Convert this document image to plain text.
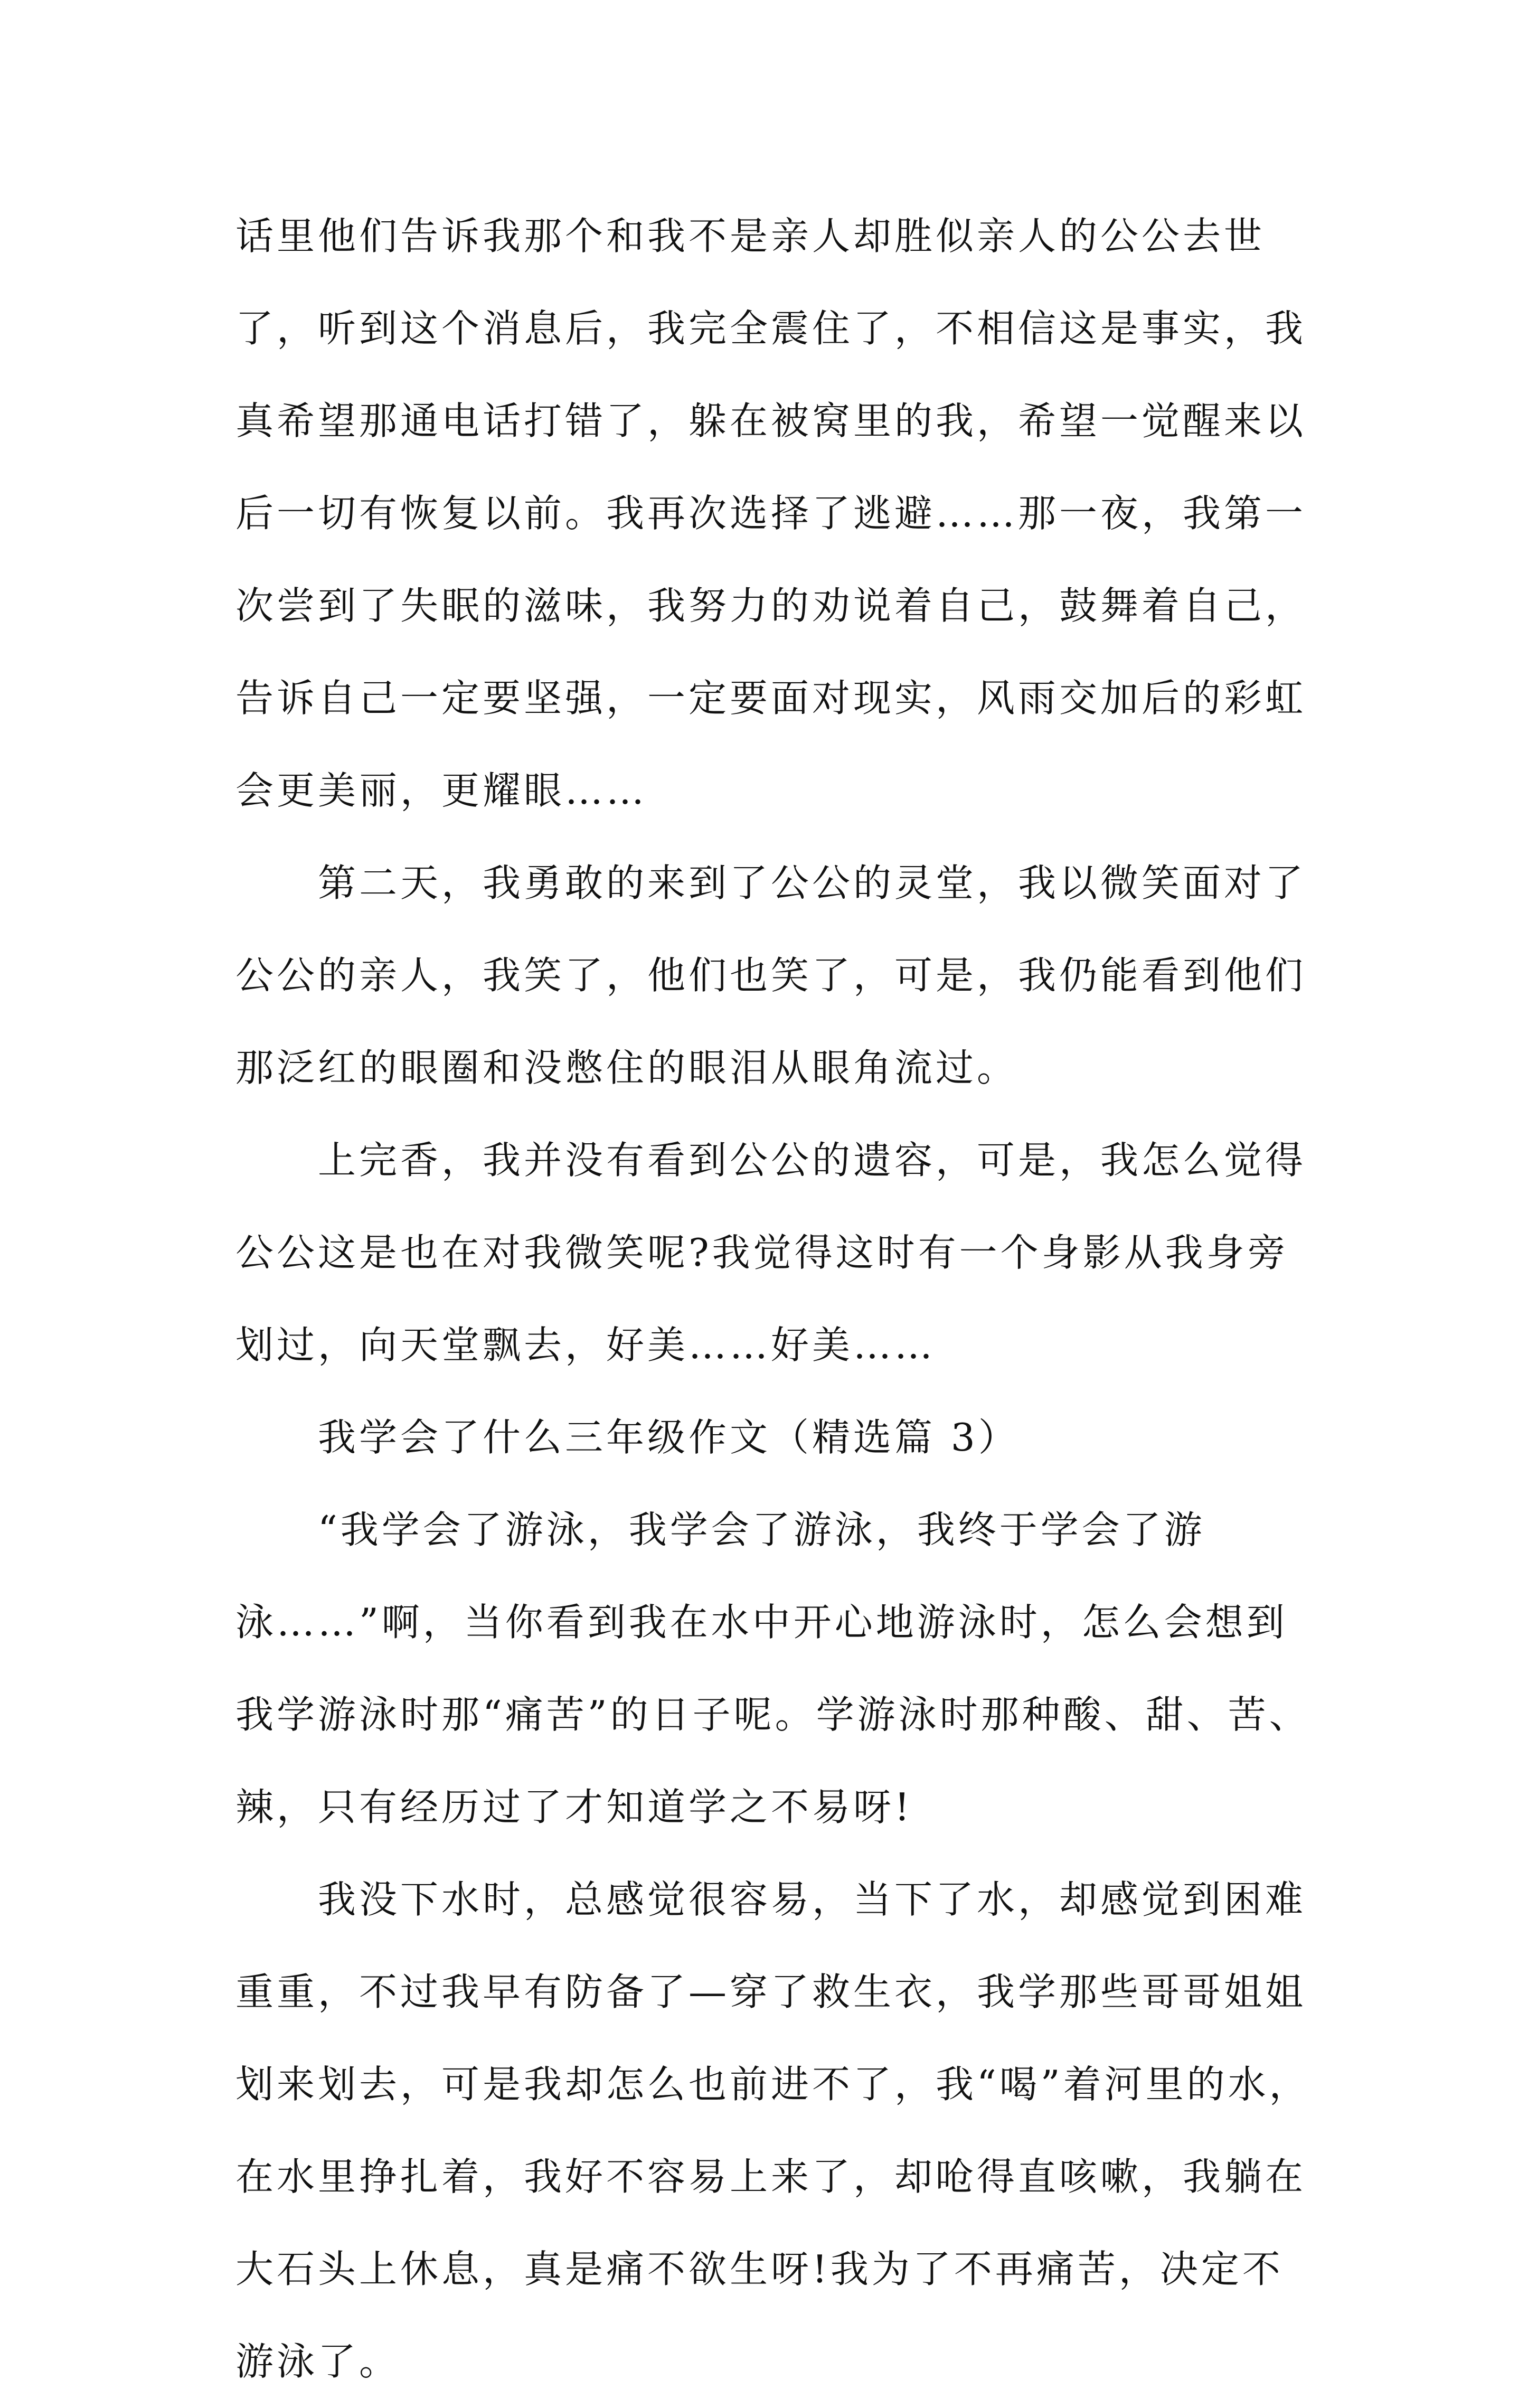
话里他们告诉我那个和我不是亲人却胜似亲人的公公去世
了，听到这个消息后，我完全震住了，不相信这是事实，我
真希望那通电话打错了，躲在被窝里的我，希望一觉醒来以
后一切有恢复以前。我再次选择了逃避……那一夜，我第一
次尝到了失眠的滋味，我努力的劝说着自己，鼓舞着自己，
告诉自己一定要坚强，一定要面对现实，风雨交加后的彩虹
会更美丽，更耀眼……
　　第二天，我勇敢的来到了公公的灵堂，我以微笑面对了
公公的亲人，我笑了，他们也笑了，可是，我仍能看到他们
那泛红的眼圈和没憋住的眼泪从眼角流过。
　　上完香，我并没有看到公公的遗容，可是，我怎么觉得
公公这是也在对我微笑呢?我觉得这时有一个身影从我身旁
划过，向天堂飘去，好美……好美……
　　我学会了什么三年级作文（精选篇 3）
　　“我学会了游泳，我学会了游泳，我终于学会了游
泳……”啊，当你看到我在水中开心地游泳时，怎么会想到
我学游泳时那“痛苦”的日子呢。学游泳时那种酸、甜、苦、
辣，只有经历过了才知道学之不易呀!
　　我没下水时，总感觉很容易，当下了水，却感觉到困难
重重，不过我早有防备了—穿了救生衣，我学那些哥哥姐姐
划来划去，可是我却怎么也前进不了，我“喝”着河里的水，
在水里挣扎着，我好不容易上来了，却呛得直咳嗽，我躺在
大石头上休息，真是痛不欲生呀!我为了不再痛苦，决定不
游泳了。
